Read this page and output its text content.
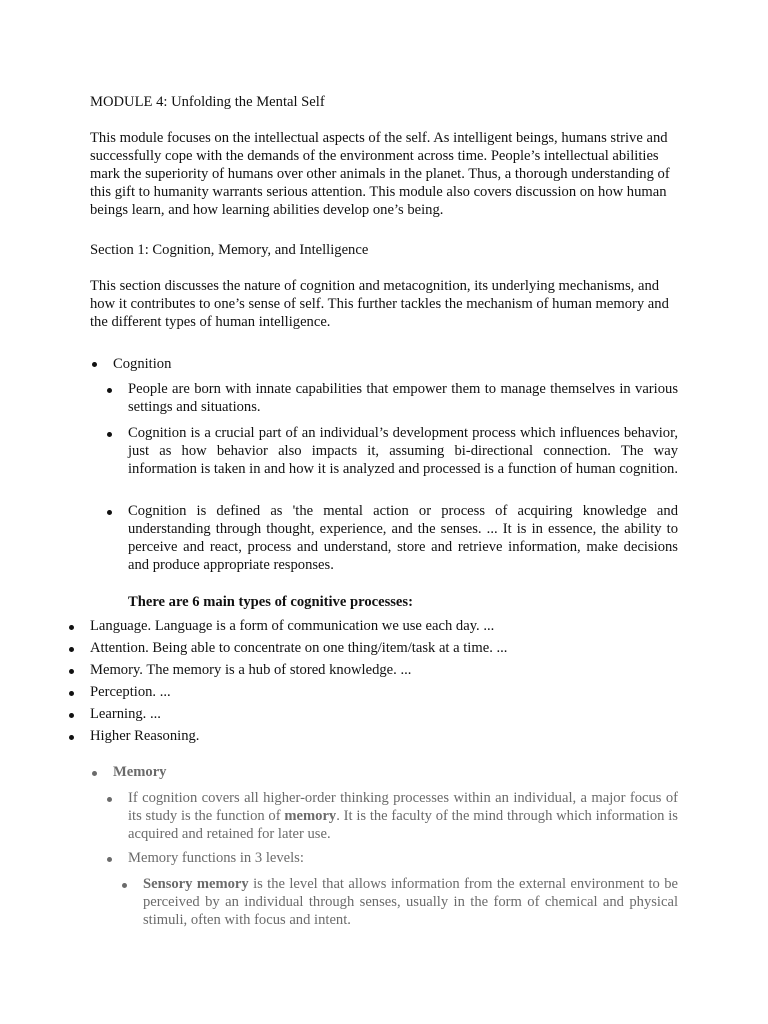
MODULE 4: Unfolding the Mental Self

This module focuses on the intellectual aspects of the self. As intelligent beings, humans strive and successfully cope with the demands of the environment across time. People’s intellectual abilities mark the superiority of humans over other animals in the planet. Thus, a thorough understanding of this gift to humanity warrants serious attention. This module also covers discussion on how human beings learn, and how learning abilities develop one’s being.

Section 1: Cognition, Memory, and Intelligence

This section discusses the nature of cognition and metacognition, its underlying mechanisms, and how it contributes to one’s sense of self. This further tackles the mechanism of human memory and the different types of human intelligence.

Cognition
People are born with innate capabilities that empower them to manage themselves in various settings and situations.
Cognition is a crucial part of an individual’s development process which influences behavior, just as how behavior also impacts it, assuming bi-directional connection. The way information is taken in and how it is analyzed and processed is a function of human cognition.
Cognition is defined as 'the mental action or process of acquiring knowledge and understanding through thought, experience, and the senses. ... It is in essence, the ability to perceive and react, process and understand, store and retrieve information, make decisions and produce appropriate responses.
There are 6 main types of cognitive processes:
Language. Language is a form of communication we use each day. ...
Attention. Being able to concentrate on one thing/item/task at a time. ...
Memory. The memory is a hub of stored knowledge. ...
Perception. ...
Learning. ...
Higher Reasoning.
Memory
If cognition covers all higher-order thinking processes within an individual, a major focus of its study is the function of memory. It is the faculty of the mind through which information is acquired and retained for later use.
Memory functions in 3 levels:
Sensory memory is the level that allows information from the external environment to be perceived by an individual through senses, usually in the form of chemical and physical stimuli, often with focus and intent.
